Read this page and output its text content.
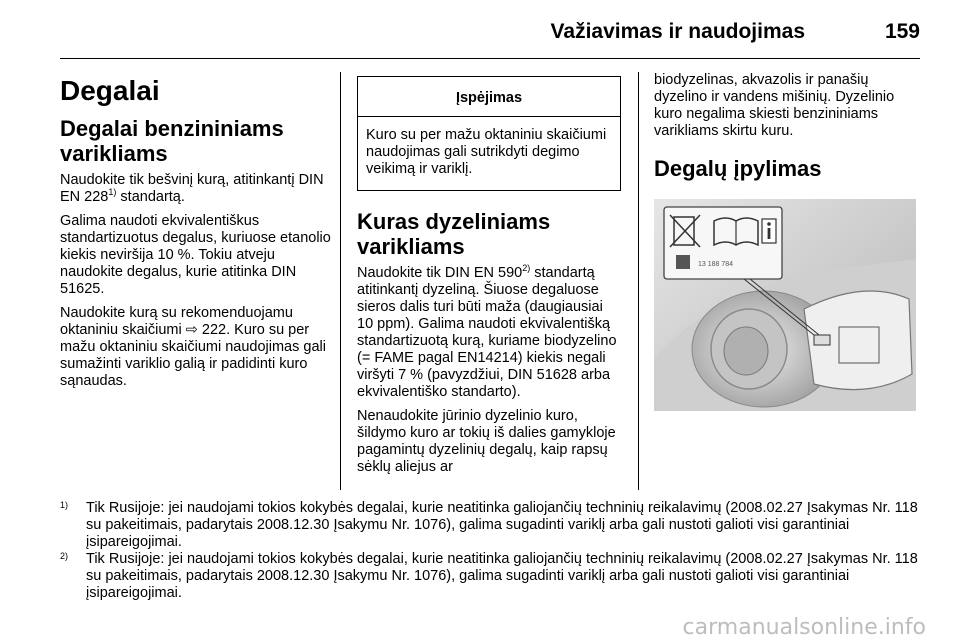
Važiavimas ir naudojimas	159
Degalai
Degalai benzininiams varikliams

Naudokite tik bešvinį kurą, atitinkantį DIN EN 228$^{1)}$ standartą.

Galima naudoti ekvivalentiškus standartizuotus degalus, kuriuose etanolio kiekis neviršija 10 %. Tokiu atveju naudokite degalus, kurie atitinka DIN 51625.

Naudokite kurą su rekomenduojamu oktaniniu skaičiumi ⇨ 222. Kuro su per mažu oktaniniu skaičiumi naudojimas gali sumažinti variklio galią ir padidinti kuro sąnaudas.

Įspėjimas
Kuro su per mažu oktaniniu skaičiumi naudojimas gali sutrikdyti degimo veikimą ir variklį.
Kuras dyzeliniams varikliams

Naudokite tik DIN EN 590$^{2)}$ standartą atitinkantį dyzeliną. Šiuose degaluose sieros dalis turi būti maža (daugiausiai 10 ppm). Galima naudoti ekvivalentišką standartizuotą kurą, kuriame biodyzelino (= FAME pagal EN14214) kiekis negali viršyti 7 % (pavyzdžiui, DIN 51628 arba ekvivalentiško standarto).

Nenaudokite jūrinio dyzelinio kuro, šildymo kuro ar tokių iš dalies gamykloje pagamintų dyzelinių degalų, kaip rapsų sėklų aliejus ar

biodyzelinas, akvazolis ir panašių dyzelino ir vandens mišinių. Dyzelinio kuro negalima skiesti benzininiams varikliams skirtu kuru.

Degalų įpylimas
13 188 784
1) Tik Rusijoje: jei naudojami tokios kokybės degalai, kurie neatitinka galiojančių techninių reikalavimų (2008.02.27 Įsakymas Nr. 118 su pakeitimais, padarytais 2008.12.30 Įsakymu Nr. 1076), galima sugadinti variklį arba gali nustoti galioti visi garantiniai įsipareigojimai.
2) Tik Rusijoje: jei naudojami tokios kokybės degalai, kurie neatitinka galiojančių techninių reikalavimų (2008.02.27 Įsakymas Nr. 118 su pakeitimais, padarytais 2008.12.30 Įsakymu Nr. 1076), galima sugadinti variklį arba gali nustoti galioti visi garantiniai įsipareigojimai.
carmanualsonline.info
